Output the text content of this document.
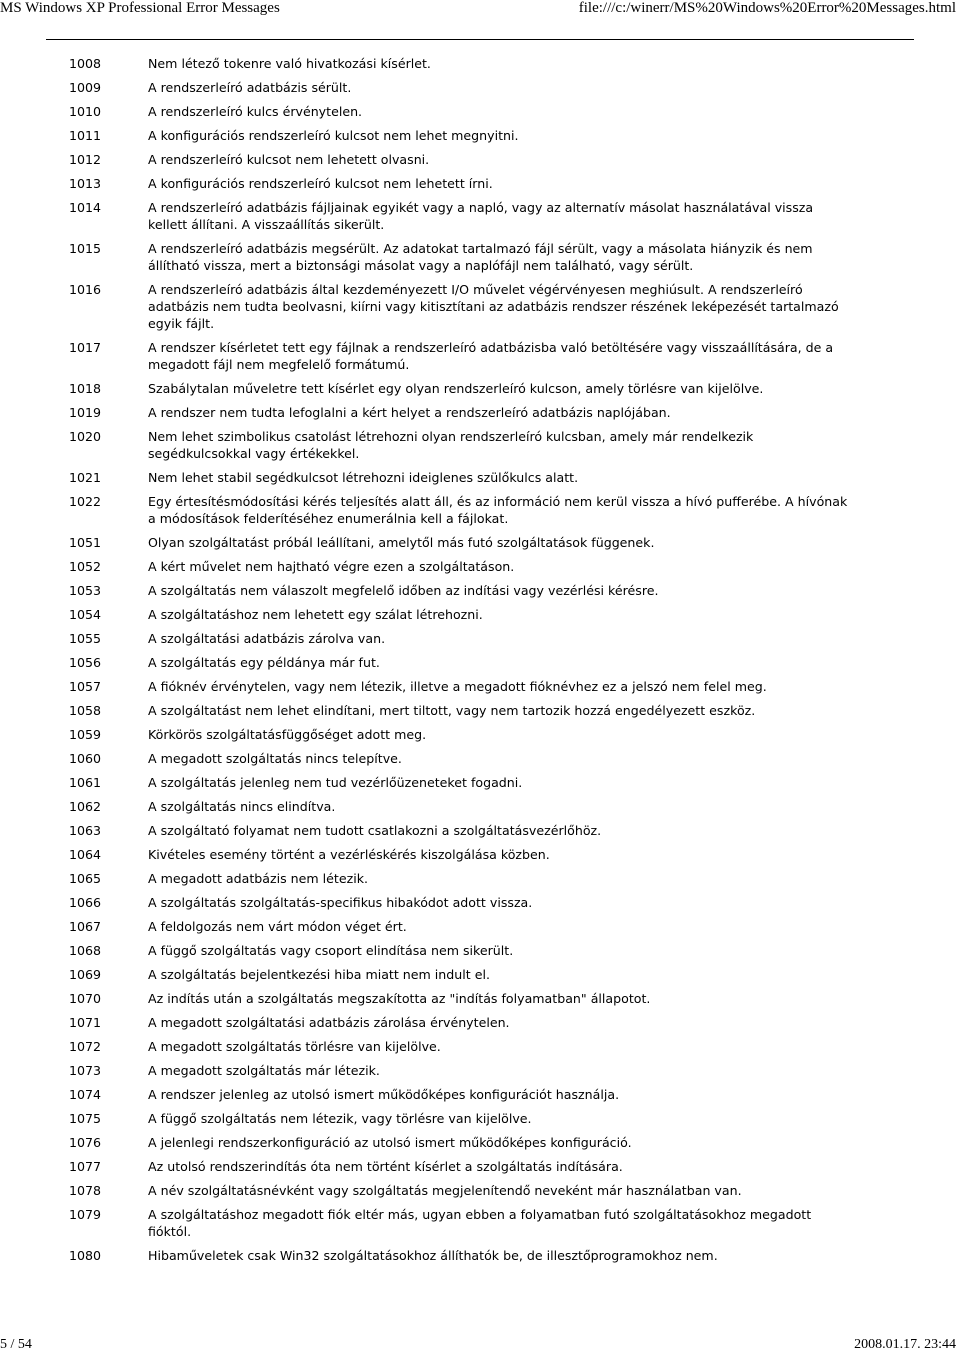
MS Windows XP Professional Error Messages	file:///c:/winerr/MS%20Windows%20Error%20Messages.html
1008	Nem létező tokenre való hivatkozási kísérlet.
1009	A rendszerleíró adatbázis sérült.
1010	A rendszerleíró kulcs érvénytelen.
1011	A konfigurációs rendszerleíró kulcsot nem lehet megnyitni.
1012	A rendszerleíró kulcsot nem lehetett olvasni.
1013	A konfigurációs rendszerleíró kulcsot nem lehetett írni.
1014	A rendszerleíró adatbázis fájljainak egyikét vagy a napló, vagy az alternatív másolat használatával vissza kellett állítani. A visszaállítás sikerült.
1015	A rendszerleíró adatbázis megsérült. Az adatokat tartalmazó fájl sérült, vagy a másolata hiányzik és nem állítható vissza, mert a biztonsági másolat vagy a naplófájl nem található, vagy sérült.
1016	A rendszerleíró adatbázis által kezdeményezett I/O művelet végérvényesen meghiúsult. A rendszerleíró adatbázis nem tudta beolvasni, kiírni vagy kitisztítani az adatbázis rendszer részének leképezését tartalmazó egyik fájlt.
1017	A rendszer kísérletet tett egy fájlnak a rendszerleíró adatbázisba való betöltésére vagy visszaállítására, de a megadott fájl nem megfelelő formátumú.
1018	Szabálytalan műveletre tett kísérlet egy olyan rendszerleíró kulcson, amely törlésre van kijelölve.
1019	A rendszer nem tudta lefoglalni a kért helyet a rendszerleíró adatbázis naplójában.
1020	Nem lehet szimbolikus csatolást létrehozni olyan rendszerleíró kulcsban, amely már rendelkezik segédkulcsokkal vagy értékekkel.
1021	Nem lehet stabil segédkulcsot létrehozni ideiglenes szülőkulcs alatt.
1022	Egy értesítésmódosítási kérés teljesítés alatt áll, és az információ nem kerül vissza a hívó pufferébe. A hívónak a módosítások felderítéséhez enumerálnia kell a fájlokat.
1051	Olyan szolgáltatást próbál leállítani, amelytől más futó szolgáltatások függenek.
1052	A kért művelet nem hajtható végre ezen a szolgáltatáson.
1053	A szolgáltatás nem válaszolt megfelelő időben az indítási vagy vezérlési kérésre.
1054	A szolgáltatáshoz nem lehetett egy szálat létrehozni.
1055	A szolgáltatási adatbázis zárolva van.
1056	A szolgáltatás egy példánya már fut.
1057	A fióknév érvénytelen, vagy nem létezik, illetve a megadott fióknévhez ez a jelszó nem felel meg.
1058	A szolgáltatást nem lehet elindítani, mert tiltott, vagy nem tartozik hozzá engedélyezett eszköz.
1059	Körkörös szolgáltatásfüggőséget adott meg.
1060	A megadott szolgáltatás nincs telepítve.
1061	A szolgáltatás jelenleg nem tud vezérlőüzeneteket fogadni.
1062	A szolgáltatás nincs elindítva.
1063	A szolgáltató folyamat nem tudott csatlakozni a szolgáltatásvezérlőhöz.
1064	Kivételes esemény történt a vezérléskérés kiszolgálása közben.
1065	A megadott adatbázis nem létezik.
1066	A szolgáltatás szolgáltatás-specifikus hibakódot adott vissza.
1067	A feldolgozás nem várt módon véget ért.
1068	A függő szolgáltatás vagy csoport elindítása nem sikerült.
1069	A szolgáltatás bejelentkezési hiba miatt nem indult el.
1070	Az indítás után a szolgáltatás megszakította az "indítás folyamatban" állapotot.
1071	A megadott szolgáltatási adatbázis zárolása érvénytelen.
1072	A megadott szolgáltatás törlésre van kijelölve.
1073	A megadott szolgáltatás már létezik.
1074	A rendszer jelenleg az utolsó ismert működőképes konfigurációt használja.
1075	A függő szolgáltatás nem létezik, vagy törlésre van kijelölve.
1076	A jelenlegi rendszerkonfiguráció az utolsó ismert működőképes konfiguráció.
1077	Az utolsó rendszerindítás óta nem történt kísérlet a szolgáltatás indítására.
1078	A név szolgáltatásnévként vagy szolgáltatás megjelenítendő neveként már használatban van.
1079	A szolgáltatáshoz megadott fiók eltér más, ugyan ebben a folyamatban futó szolgáltatásokhoz megadott fióktól.
1080	Hibaműveletek csak Win32 szolgáltatásokhoz állíthatók be, de illesztőprogramokhoz nem.
5 / 54	2008.01.17. 23:44
